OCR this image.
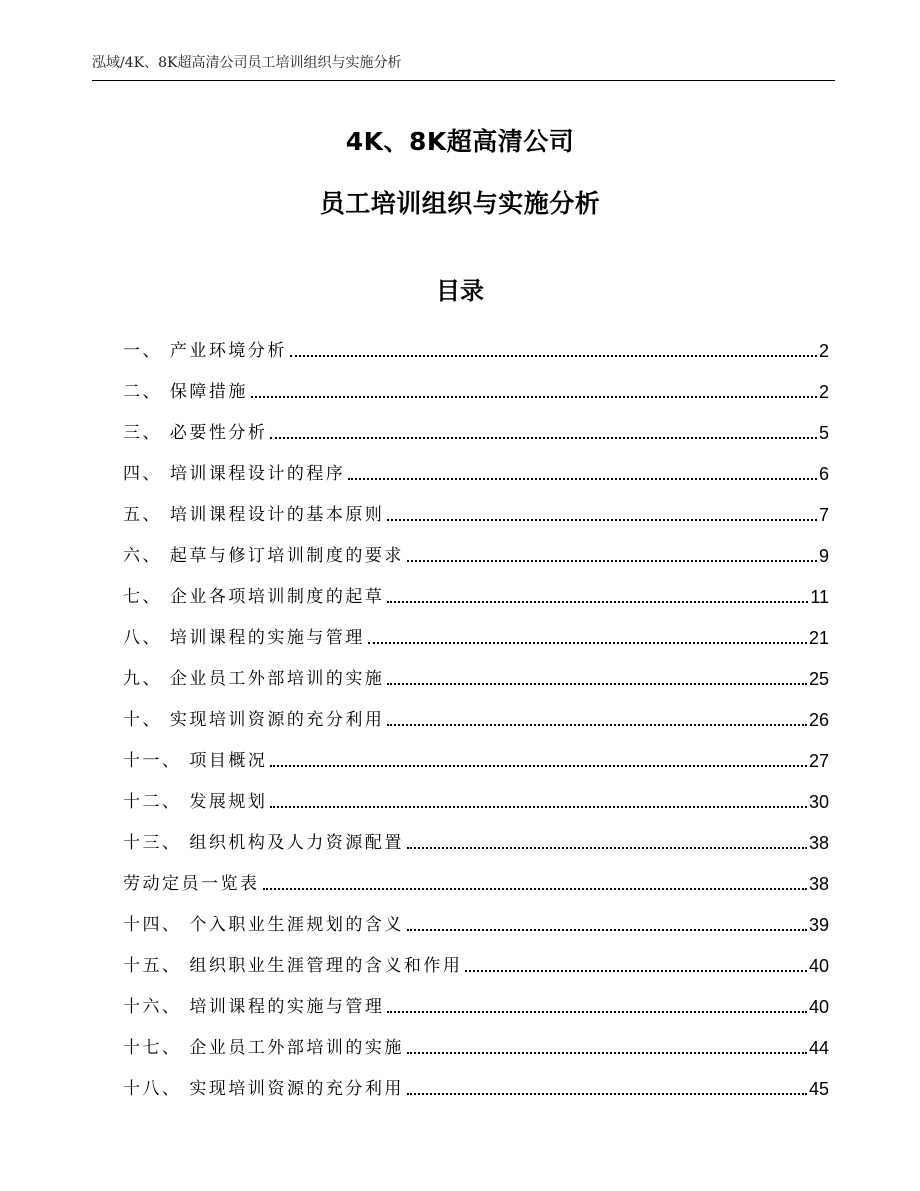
泓域/4K、8K超高清公司员工培训组织与实施分析
4K、8K超高清公司
员工培训组织与实施分析
目录
一、 产业环境分析	2
二、 保障措施	2
三、 必要性分析	5
四、 培训课程设计的程序	6
五、 培训课程设计的基本原则	7
六、 起草与修订培训制度的要求	9
七、 企业各项培训制度的起草	11
八、 培训课程的实施与管理	21
九、 企业员工外部培训的实施	25
十、 实现培训资源的充分利用	26
十一、 项目概况	27
十二、 发展规划	30
十三、 组织机构及人力资源配置	38
劳动定员一览表	38
十四、 个入职业生涯规划的含义	39
十五、 组织职业生涯管理的含义和作用	40
十六、 培训课程的实施与管理	40
十七、 企业员工外部培训的实施	44
十八、 实现培训资源的充分利用	45
